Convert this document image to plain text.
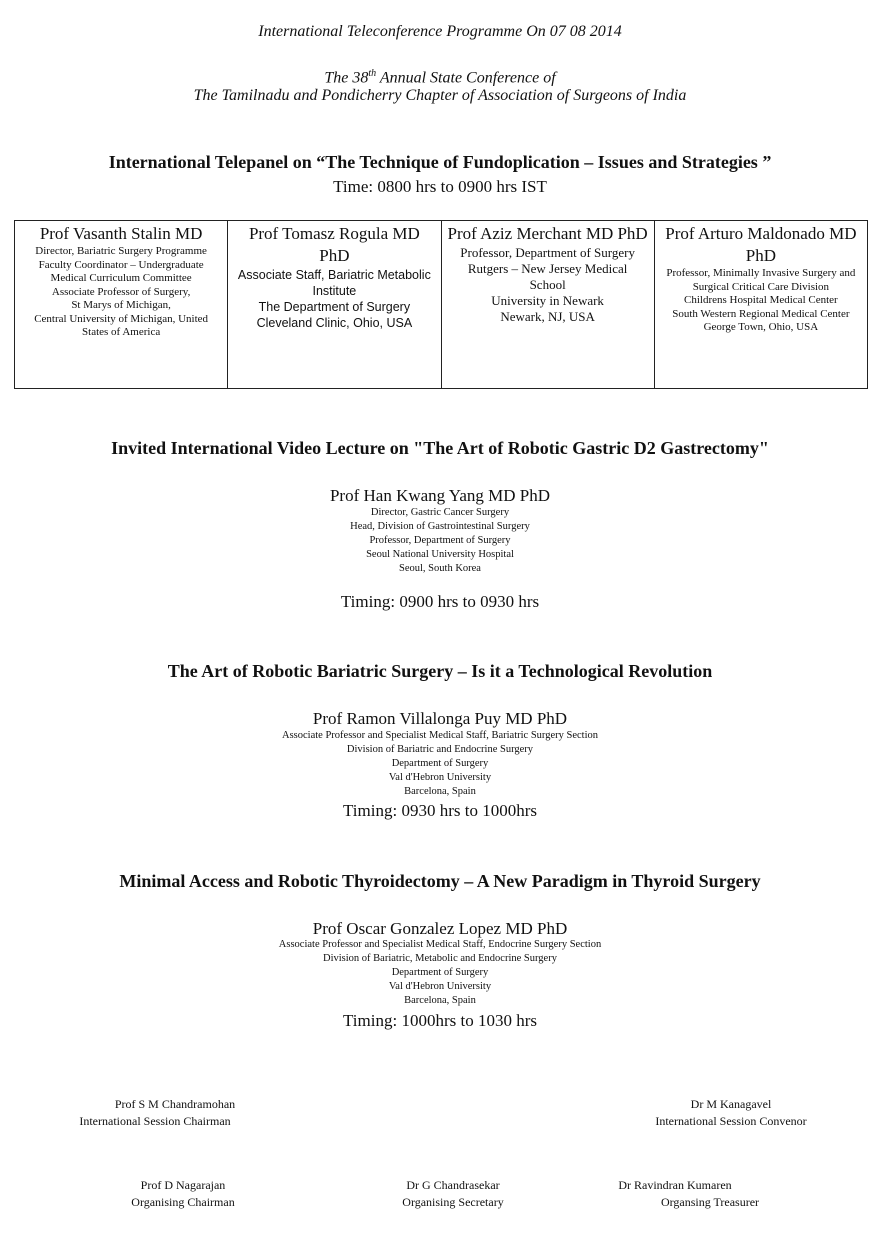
International Teleconference Programme On 07 08 2014
The 38th Annual State Conference of
The Tamilnadu and Pondicherry Chapter of Association of Surgeons of India
International Telepanel on “The Technique of Fundoplication – Issues and Strategies ”
Time: 0800 hrs to 0900 hrs IST
Prof Vasanth Stalin MD
Director, Bariatric Surgery Programme
Faculty Coordinator – Undergraduate
Medical Curriculum Committee
Associate Professor of Surgery,
St Marys of Michigan,
Central University of Michigan, United
States of America

Prof Tomasz Rogula MD PhD
Associate Staff, Bariatric Metabolic
Institute
The Department of Surgery
Cleveland Clinic, Ohio, USA

Prof Aziz Merchant MD PhD
Professor, Department of Surgery
Rutgers – New Jersey Medical
School
University in Newark
Newark, NJ, USA

Prof Arturo Maldonado MD PhD
Professor, Minimally Invasive Surgery and
Surgical Critical Care Division
Childrens Hospital Medical Center
South Western Regional Medical Center
George Town, Ohio, USA
Invited International Video Lecture on "The Art of Robotic Gastric D2 Gastrectomy"
Prof Han Kwang Yang MD PhD
Director, Gastric Cancer Surgery
Head, Division of Gastrointestinal Surgery
Professor, Department of Surgery
Seoul National University Hospital
Seoul, South Korea
Timing: 0900 hrs to 0930 hrs
The Art of Robotic Bariatric Surgery – Is it a Technological Revolution
Prof Ramon Villalonga Puy MD PhD
Associate Professor and Specialist Medical Staff, Bariatric Surgery Section
Division of Bariatric and Endocrine Surgery
Department of Surgery
Val d'Hebron University
Barcelona, Spain
Timing: 0930 hrs to 1000hrs
Minimal Access and Robotic Thyroidectomy – A New Paradigm in Thyroid Surgery
Prof Oscar Gonzalez Lopez MD PhD
Associate Professor and Specialist Medical Staff, Endocrine Surgery Section
Division of Bariatric, Metabolic and Endocrine Surgery
Department of Surgery
Val d'Hebron University
Barcelona, Spain
Timing: 1000hrs to 1030 hrs
Prof S M Chandramohan
International Session Chairman
Dr M Kanagavel
International Session Convenor
Prof D Nagarajan
Organising Chairman
Dr G Chandrasekar
Organising Secretary
Dr Ravindran Kumaren
Organsing Treasurer
